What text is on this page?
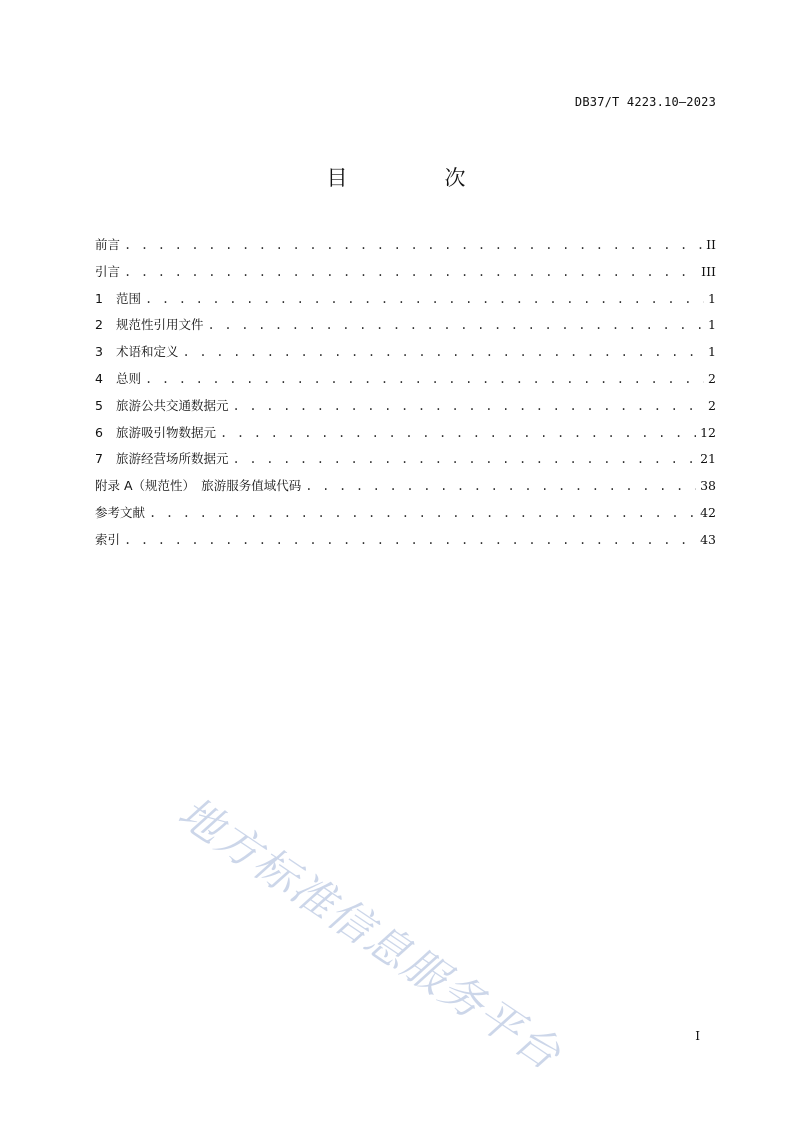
DB37/T 4223.10—2023
目　次
前言 . . .	II
引言 . . .	III
1	范围 . . .	1
2	规范性引用文件 . . .	1
3	术语和定义 . . .	1
4	总则 . . .	2
5	旅游公共交通数据元 . . .	2
6	旅游吸引物数据元 . . .	12
7	旅游经营场所数据元 . . .	21
附录 A（规范性）　旅游服务值域代码 . . .	38
参考文献 . . .	42
索引 . . .	43
地方标准信息服务平台	I
